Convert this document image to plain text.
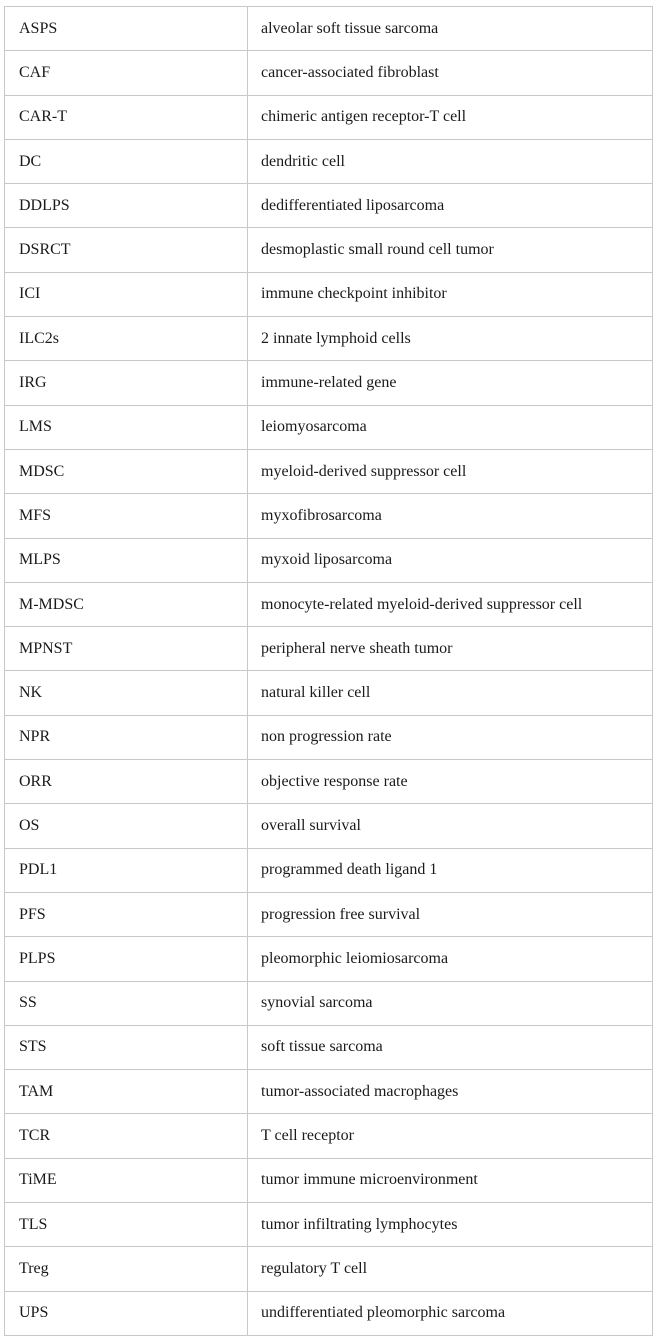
ASPS	alveolar soft tissue sarcoma
CAF	cancer-associated fibroblast
CAR-T	chimeric antigen receptor-T cell
DC	dendritic cell
DDLPS	dedifferentiated liposarcoma
DSRCT	desmoplastic small round cell tumor
ICI	immune checkpoint inhibitor
ILC2s	2 innate lymphoid cells
IRG	immune-related gene
LMS	leiomyosarcoma
MDSC	myeloid-derived suppressor cell
MFS	myxofibrosarcoma
MLPS	myxoid liposarcoma
M-MDSC	monocyte-related myeloid-derived suppressor cell
MPNST	peripheral nerve sheath tumor
NK	natural killer cell
NPR	non progression rate
ORR	objective response rate
OS	overall survival
PDL1	programmed death ligand 1
PFS	progression free survival
PLPS	pleomorphic leiomiosarcoma
SS	synovial sarcoma
STS	soft tissue sarcoma
TAM	tumor-associated macrophages
TCR	T cell receptor
TiME	tumor immune microenvironment
TLS	tumor infiltrating lymphocytes
Treg	regulatory T cell
UPS	undifferentiated pleomorphic sarcoma
